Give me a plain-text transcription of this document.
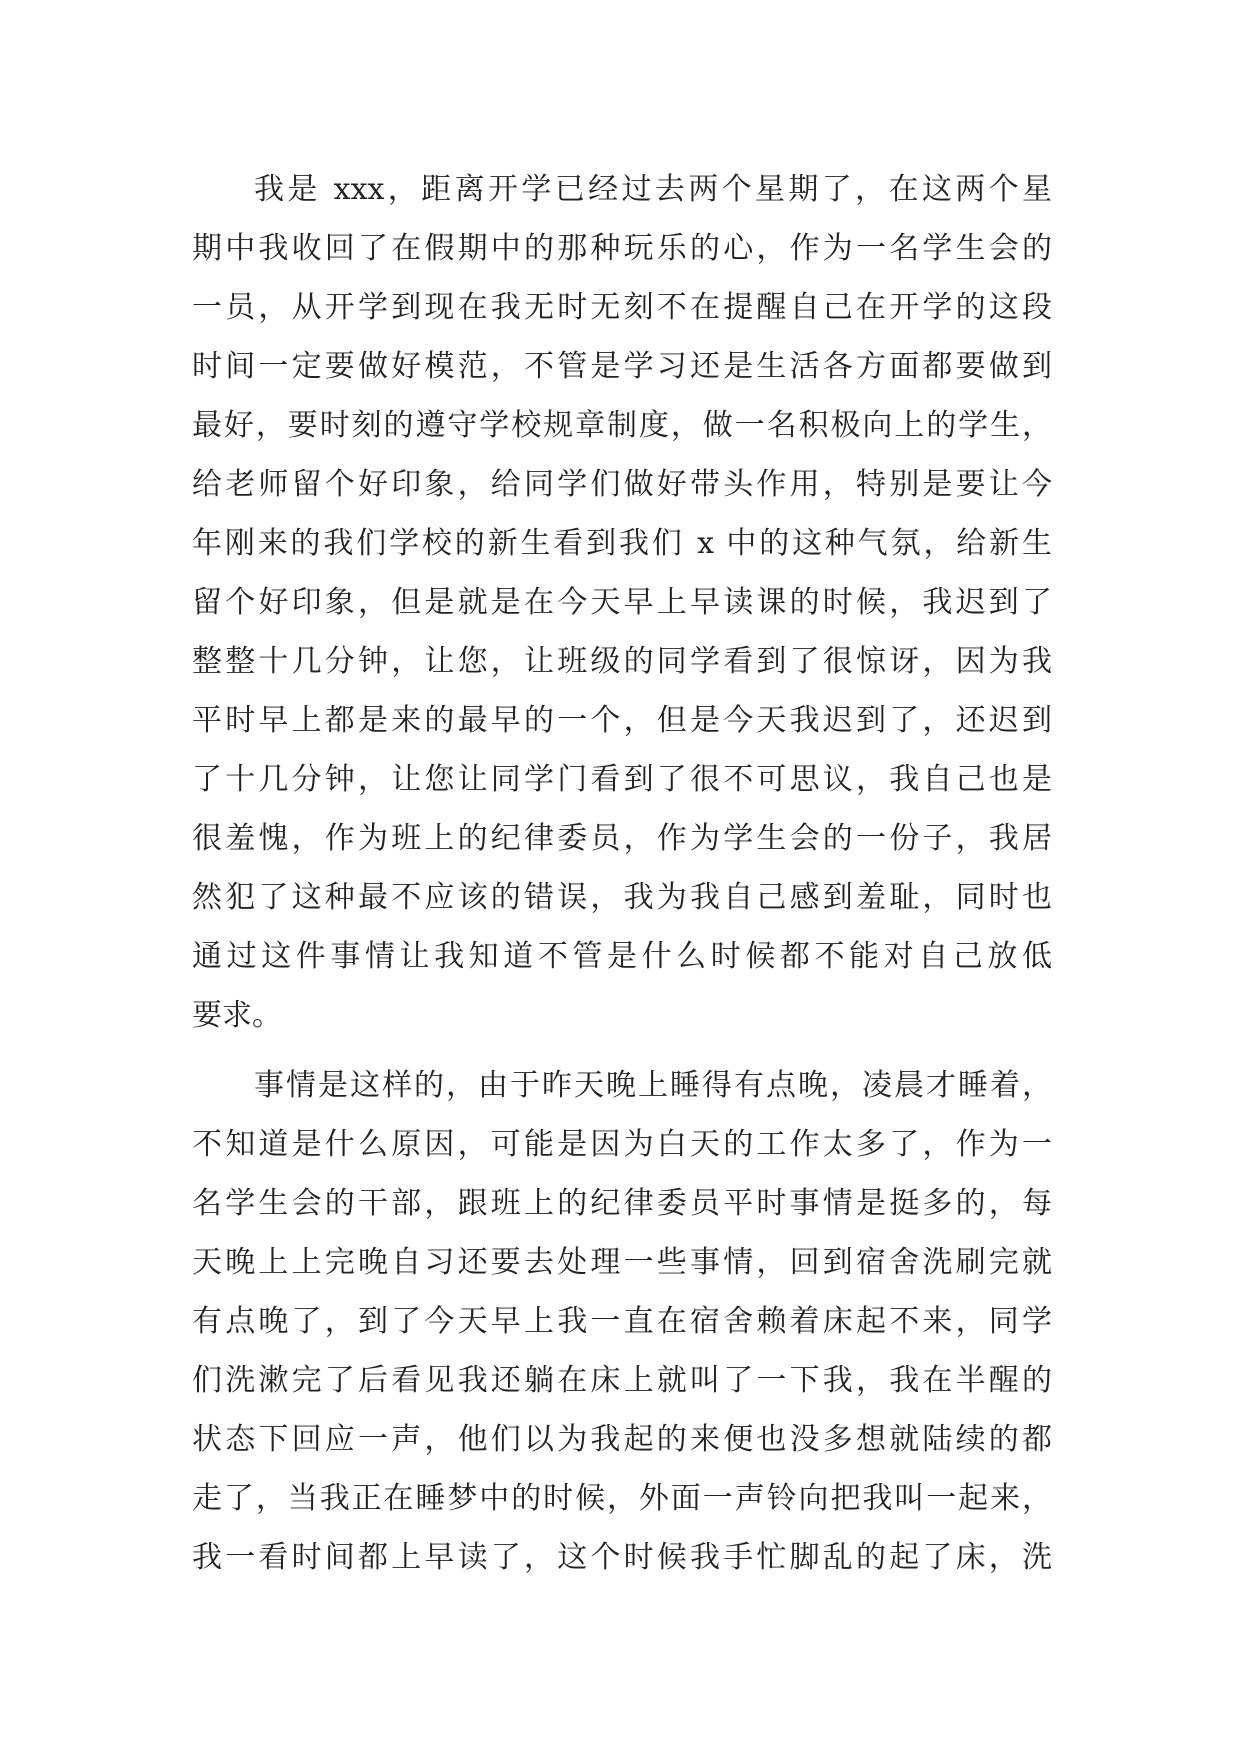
我是 xxx，距离开学已经过去两个星期了，在这两个星
期中我收回了在假期中的那种玩乐的心，作为一名学生会的
一员，从开学到现在我无时无刻不在提醒自己在开学的这段
时间一定要做好模范，不管是学习还是生活各方面都要做到
最好，要时刻的遵守学校规章制度，做一名积极向上的学生，
给老师留个好印象，给同学们做好带头作用，特别是要让今
年刚来的我们学校的新生看到我们 x 中的这种气氛，给新生
留个好印象，但是就是在今天早上早读课的时候，我迟到了
整整十几分钟，让您，让班级的同学看到了很惊讶，因为我
平时早上都是来的最早的一个，但是今天我迟到了，还迟到
了十几分钟，让您让同学门看到了很不可思议，我自己也是
很羞愧，作为班上的纪律委员，作为学生会的一份子，我居
然犯了这种最不应该的错误，我为我自己感到羞耻，同时也
通过这件事情让我知道不管是什么时候都不能对自己放低
要求。
事情是这样的，由于昨天晚上睡得有点晚，凌晨才睡着，
不知道是什么原因，可能是因为白天的工作太多了，作为一
名学生会的干部，跟班上的纪律委员平时事情是挺多的，每
天晚上上完晚自习还要去处理一些事情，回到宿舍洗刷完就
有点晚了，到了今天早上我一直在宿舍赖着床起不来，同学
们洗漱完了后看见我还躺在床上就叫了一下我，我在半醒的
状态下回应一声，他们以为我起的来便也没多想就陆续的都
走了，当我正在睡梦中的时候，外面一声铃向把我叫一起来，
我一看时间都上早读了，这个时候我手忙脚乱的起了床，洗
